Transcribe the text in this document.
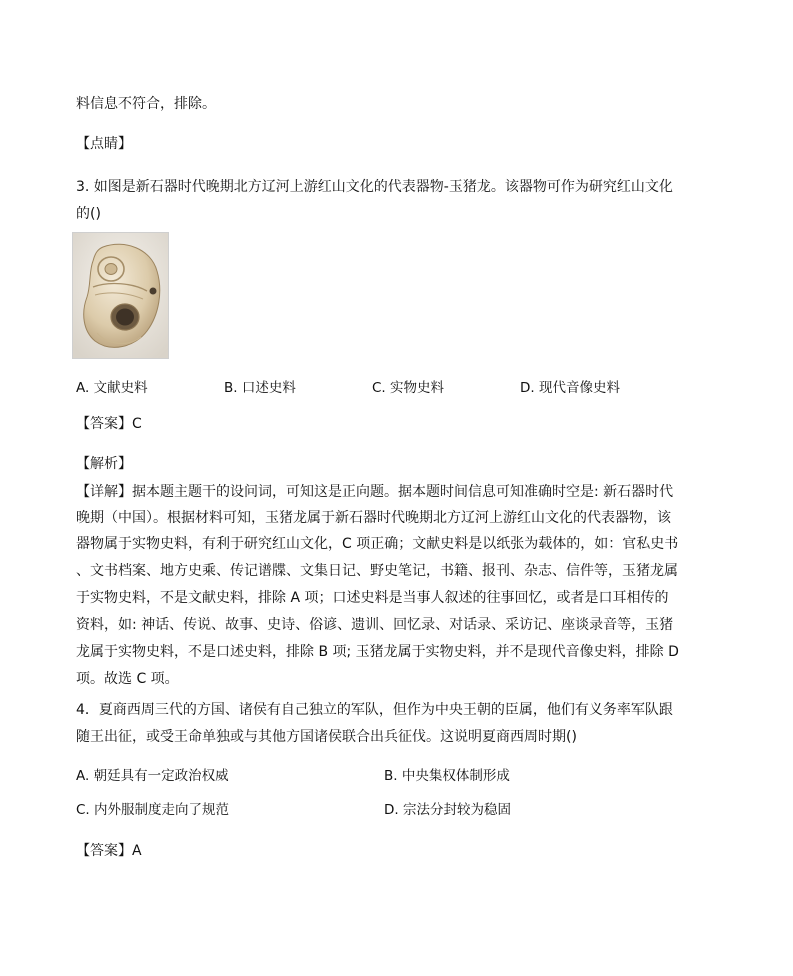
料信息不符合，排除。
【点睛】
3. 如图是新石器时代晚期北方辽河上游红山文化的代表器物-玉猪龙。该器物可作为研究红山文化
的()
A. 文献史料	B. 口述史料	C. 实物史料	D. 现代音像史料
【答案】C
【解析】
【详解】据本题主题干的设问词，可知这是正向题。据本题时间信息可知准确时空是: 新石器时代
晚期（中国）。根据材料可知，玉猪龙属于新石器时代晚期北方辽河上游红山文化的代表器物，该
器物属于实物史料，有利于研究红山文化，C 项正确；文献史料是以纸张为载体的，如：官私史书
、文书档案、地方史乘、传记谱牒、文集日记、野史笔记，书籍、报刊、杂志、信件等，玉猪龙属
于实物史料，不是文献史料，排除 A 项；口述史料是当事人叙述的往事回忆，或者是口耳相传的
资料，如: 神话、传说、故事、史诗、俗谚、遗训、回忆录、对话录、采访记、座谈录音等，玉猪
龙属于实物史料，不是口述史料，排除 B 项; 玉猪龙属于实物史料，并不是现代音像史料，排除 D
项。故选 C 项。
4．夏商西周三代的方国、诸侯有自己独立的军队，但作为中央王朝的臣属，他们有义务率军队跟
随王出征，或受王命单独或与其他方国诸侯联合出兵征伐。这说明夏商西周时期()
A. 朝廷具有一定政治权威	B. 中央集权体制形成
C. 内外服制度走向了规范	D. 宗法分封较为稳固
【答案】A
